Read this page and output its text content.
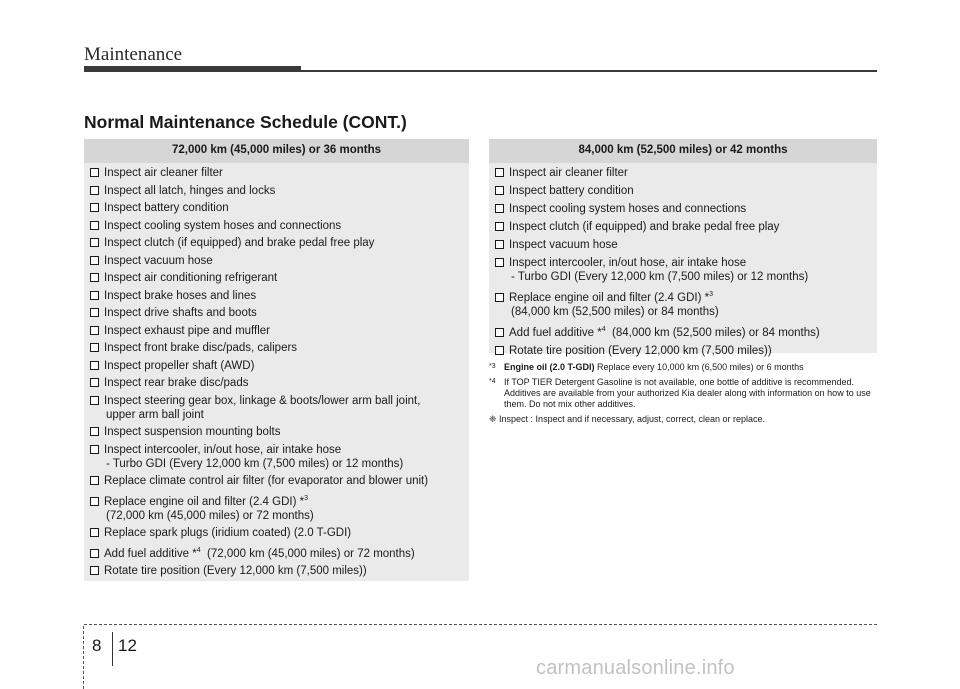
Maintenance
Normal Maintenance Schedule (CONT.)
72,000 km (45,000 miles) or 36 months
Inspect air cleaner filter
Inspect all latch, hinges and locks
Inspect battery condition
Inspect cooling system hoses and connections
Inspect clutch (if equipped) and brake pedal free play
Inspect vacuum hose
Inspect air conditioning refrigerant
Inspect brake hoses and lines
Inspect drive shafts and boots
Inspect exhaust pipe and muffler
Inspect front brake disc/pads, calipers
Inspect propeller shaft (AWD)
Inspect rear brake disc/pads
Inspect steering gear box, linkage & boots/lower arm ball joint,
upper arm ball joint
Inspect suspension mounting bolts
Inspect intercooler, in/out hose, air intake hose
- Turbo GDI (Every 12,000 km (7,500 miles) or 12 months)
Replace climate control air filter (for evaporator and blower unit)
Replace engine oil and filter (2.4 GDI) *$^3$
(72,000 km (45,000 miles) or 72 months)
Replace spark plugs (iridium coated) (2.0 T-GDI)
Add fuel additive *$^4$ (72,000 km (45,000 miles) or 72 months)
Rotate tire position (Every 12,000 km (7,500 miles))
84,000 km (52,500 miles) or 42 months
Inspect air cleaner filter
Inspect battery condition
Inspect cooling system hoses and connections
Inspect clutch (if equipped) and brake pedal free play
Inspect vacuum hose
Inspect intercooler, in/out hose, air intake hose
- Turbo GDI (Every 12,000 km (7,500 miles) or 12 months)
Replace engine oil and filter (2.4 GDI) *$^3$
(84,000 km (52,500 miles) or 84 months)
Add fuel additive *$^4$ (84,000 km (52,500 miles) or 84 months)
Rotate tire position (Every 12,000 km (7,500 miles))
*3 Engine oil (2.0 T-GDI) Replace every 10,000 km (6,500 miles) or 6 months
*4 If TOP TIER Detergent Gasoline is not available, one bottle of additive is recommended. Additives are available from your authorized Kia dealer along with information on how to use them. Do not mix other additives.
❈ Inspect : Inspect and if necessary, adjust, correct, clean or replace.
8 12
carmanualsonline.info
